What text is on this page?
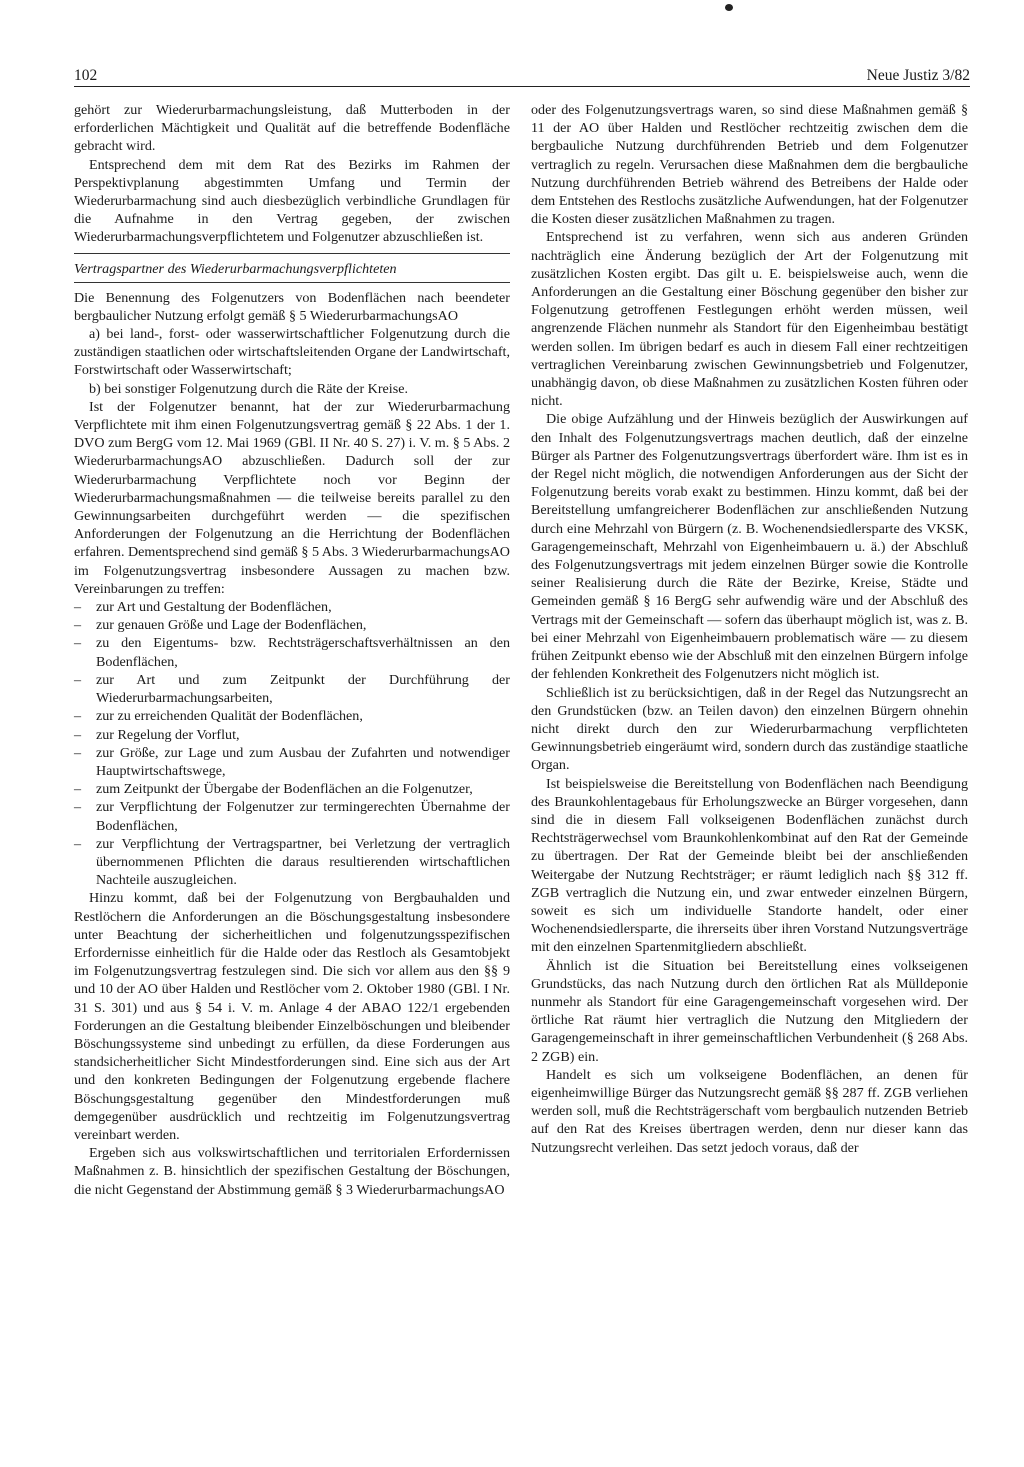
102	Neue Justiz 3/82

gehört zur Wiederurbarmachungsleistung, daß Mutterboden in der erforderlichen Mächtigkeit und Qualität auf die betreffende Bodenfläche gebracht wird.

Entsprechend dem mit dem Rat des Bezirks im Rahmen der Perspektivplanung abgestimmten Umfang und Termin der Wiederurbarmachung sind auch diesbezüglich verbindliche Grundlagen für die Aufnahme in den Vertrag gegeben, der zwischen Wiederurbarmachungsverpflichtetem und Folgenutzer abzuschließen ist.

Vertragspartner des Wiederurbarmachungsverpflichteten

Die Benennung des Folgenutzers von Bodenflächen nach beendeter bergbaulicher Nutzung erfolgt gemäß § 5 WiederurbarmachungsAO

a) bei land-, forst- oder wasserwirtschaftlicher Folgenutzung durch die zuständigen staatlichen oder wirtschaftsleitenden Organe der Landwirtschaft, Forstwirtschaft oder Wasserwirtschaft;

b) bei sonstiger Folgenutzung durch die Räte der Kreise.

Ist der Folgenutzer benannt, hat der zur Wiederurbarmachung Verpflichtete mit ihm einen Folgenutzungsvertrag gemäß § 22 Abs. 1 der 1. DVO zum BergG vom 12. Mai 1969 (GBl. II Nr. 40 S. 27) i. V. m. § 5 Abs. 2 WiederurbarmachungsAO abzuschließen. Dadurch soll der zur Wiederurbarmachung Verpflichtete noch vor Beginn der Wiederurbarmachungsmaßnahmen — die teilweise bereits parallel zu den Gewinnungsarbeiten durchgeführt werden — die spezifischen Anforderungen der Folgenutzung an die Herrichtung der Bodenflächen erfahren. Dementsprechend sind gemäß § 5 Abs. 3 WiederurbarmachungsAO im Folgenutzungsvertrag insbesondere Aussagen zu machen bzw. Vereinbarungen zu treffen:

– zur Art und Gestaltung der Bodenflächen,
– zur genauen Größe und Lage der Bodenflächen,
– zu den Eigentums- bzw. Rechtsträgerschaftsverhältnissen an den Bodenflächen,
– zur Art und zum Zeitpunkt der Durchführung der Wiederurbarmachungsarbeiten,
– zur zu erreichenden Qualität der Bodenflächen,
– zur Regelung der Vorflut,
– zur Größe, zur Lage und zum Ausbau der Zufahrten und notwendiger Hauptwirtschaftswege,
– zum Zeitpunkt der Übergabe der Bodenflächen an die Folgenutzer,
– zur Verpflichtung der Folgenutzer zur termingerechten Übernahme der Bodenflächen,
– zur Verpflichtung der Vertragspartner, bei Verletzung der vertraglich übernommenen Pflichten die daraus resultierenden wirtschaftlichen Nachteile auszugleichen.

Hinzu kommt, daß bei der Folgenutzung von Bergbauhalden und Restlöchern die Anforderungen an die Böschungsgestaltung insbesondere unter Beachtung der sicherheitlichen und folgenutzungsspezifischen Erfordernisse einheitlich für die Halde oder das Restloch als Gesamtobjekt im Folgenutzungsvertrag festzulegen sind. Die sich vor allem aus den §§ 9 und 10 der AO über Halden und Restlöcher vom 2. Oktober 1980 (GBl. I Nr. 31 S. 301) und aus § 54 i. V. m. Anlage 4 der ABAO 122/1 ergebenden Forderungen an die Gestaltung bleibender Einzelböschungen und bleibender Böschungssysteme sind unbedingt zu erfüllen, da diese Forderungen aus standsicherheitlicher Sicht Mindestforderungen sind. Eine sich aus der Art und den konkreten Bedingungen der Folgenutzung ergebende flachere Böschungsgestaltung gegenüber den Mindestforderungen muß demgegenüber ausdrücklich und rechtzeitig im Folgenutzungsvertrag vereinbart werden.

Ergeben sich aus volkswirtschaftlichen und territorialen Erfordernissen Maßnahmen z. B. hinsichtlich der spezifischen Gestaltung der Böschungen, die nicht Gegenstand der Abstimmung gemäß § 3 WiederurbarmachungsAO

oder des Folgenutzungsvertrags waren, so sind diese Maßnahmen gemäß § 11 der AO über Halden und Restlöcher rechtzeitig zwischen dem die bergbauliche Nutzung durchführenden Betrieb und dem Folgenutzer vertraglich zu regeln. Verursachen diese Maßnahmen dem die bergbauliche Nutzung durchführenden Betrieb während des Betreibens der Halde oder dem Entstehen des Restlochs zusätzliche Aufwendungen, hat der Folgenutzer die Kosten dieser zusätzlichen Maßnahmen zu tragen.

Entsprechend ist zu verfahren, wenn sich aus anderen Gründen nachträglich eine Änderung bezüglich der Art der Folgenutzung mit zusätzlichen Kosten ergibt. Das gilt u. E. beispielsweise auch, wenn die Anforderungen an die Gestaltung einer Böschung gegenüber den bisher zur Folgenutzung getroffenen Festlegungen erhöht werden müssen, weil angrenzende Flächen nunmehr als Standort für den Eigenheimbau bestätigt werden sollen. Im übrigen bedarf es auch in diesem Fall einer rechtzeitigen vertraglichen Vereinbarung zwischen Gewinnungsbetrieb und Folgenutzer, unabhängig davon, ob diese Maßnahmen zu zusätzlichen Kosten führen oder nicht.

Die obige Aufzählung und der Hinweis bezüglich der Auswirkungen auf den Inhalt des Folgenutzungsvertrags machen deutlich, daß der einzelne Bürger als Partner des Folgenutzungsvertrags überfordert wäre. Ihm ist es in der Regel nicht möglich, die notwendigen Anforderungen aus der Sicht der Folgenutzung bereits vorab exakt zu bestimmen. Hinzu kommt, daß bei der Bereitstellung umfangreicherer Bodenflächen zur anschließenden Nutzung durch eine Mehrzahl von Bürgern (z. B. Wochenendsiedlersparte des VKSK, Garagengemeinschaft, Mehrzahl von Eigenheimbauern u. ä.) der Abschluß des Folgenutzungsvertrags mit jedem einzelnen Bürger sowie die Kontrolle seiner Realisierung durch die Räte der Bezirke, Kreise, Städte und Gemeinden gemäß § 16 BergG sehr aufwendig wäre und der Abschluß des Vertrags mit der Gemeinschaft — sofern das überhaupt möglich ist, was z. B. bei einer Mehrzahl von Eigenheimbauern problematisch wäre — zu diesem frühen Zeitpunkt ebenso wie der Abschluß mit den einzelnen Bürgern infolge der fehlenden Konkretheit des Folgenutzers nicht möglich ist.

Schließlich ist zu berücksichtigen, daß in der Regel das Nutzungsrecht an den Grundstücken (bzw. an Teilen davon) den einzelnen Bürgern ohnehin nicht direkt durch den zur Wiederurbarmachung verpflichteten Gewinnungsbetrieb eingeräumt wird, sondern durch das zuständige staatliche Organ.

Ist beispielsweise die Bereitstellung von Bodenflächen nach Beendigung des Braunkohlentagebaus für Erholungszwecke an Bürger vorgesehen, dann sind die in diesem Fall volkseigenen Bodenflächen zunächst durch Rechtsträgerwechsel vom Braunkohlenkombinat auf den Rat der Gemeinde zu übertragen. Der Rat der Gemeinde bleibt bei der anschließenden Weitergabe der Nutzung Rechtsträger; er räumt lediglich nach §§ 312 ff. ZGB vertraglich die Nutzung ein, und zwar entweder einzelnen Bürgern, soweit es sich um individuelle Standorte handelt, oder einer Wochenendsiedlersparte, die ihrerseits über ihren Vorstand Nutzungsverträge mit den einzelnen Spartenmitgliedern abschließt.

Ähnlich ist die Situation bei Bereitstellung eines volkseigenen Grundstücks, das nach Nutzung durch den örtlichen Rat als Mülldeponie nunmehr als Standort für eine Garagengemeinschaft vorgesehen wird. Der örtliche Rat räumt hier vertraglich die Nutzung den Mitgliedern der Garagengemeinschaft in ihrer gemeinschaftlichen Verbundenheit (§ 268 Abs. 2 ZGB) ein.

Handelt es sich um volkseigene Bodenflächen, an denen für eigenheimwillige Bürger das Nutzungsrecht gemäß §§ 287 ff. ZGB verliehen werden soll, muß die Rechtsträgerschaft vom bergbaulich nutzenden Betrieb auf den Rat des Kreises übertragen werden, denn nur dieser kann das Nutzungsrecht verleihen. Das setzt jedoch voraus, daß der
